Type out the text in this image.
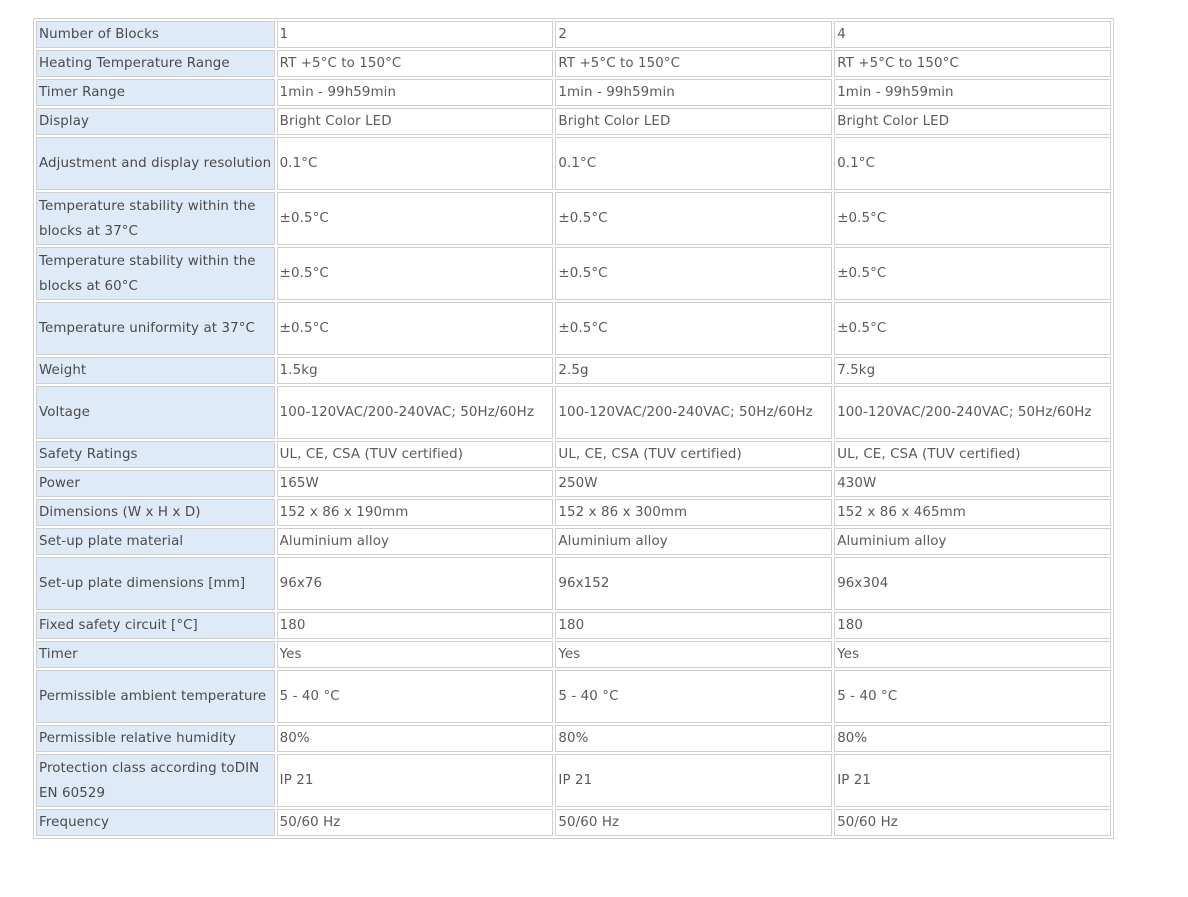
Number of Blocks	1	2	4
Heating Temperature Range	RT +5°C to 150°C	RT +5°C to 150°C	RT +5°C to 150°C
Timer Range	1min - 99h59min	1min - 99h59min	1min - 99h59min
Display	Bright Color LED	Bright Color LED	Bright Color LED
Adjustment and display resolution	0.1°C	0.1°C	0.1°C
Temperature stability within the blocks at 37°C	±0.5°C	±0.5°C	±0.5°C
Temperature stability within the blocks at 60°C	±0.5°C	±0.5°C	±0.5°C
Temperature uniformity at 37°C	±0.5°C	±0.5°C	±0.5°C
Weight	1.5kg	2.5g	7.5kg
Voltage	100-120VAC/200-240VAC; 50Hz/60Hz	100-120VAC/200-240VAC; 50Hz/60Hz	100-120VAC/200-240VAC; 50Hz/60Hz
Safety Ratings	UL, CE, CSA (TUV certified)	UL, CE, CSA (TUV certified)	UL, CE, CSA (TUV certified)
Power	165W	250W	430W
Dimensions (W x H x D)	152 x 86 x 190mm	152 x 86 x 300mm	152 x 86 x 465mm
Set-up plate material	Aluminium alloy	Aluminium alloy	Aluminium alloy
Set-up plate dimensions [mm]	96x76	96x152	96x304
Fixed safety circuit [°C]	180	180	180
Timer	Yes	Yes	Yes
Permissible ambient temperature	5 - 40 °C	5 - 40 °C	5 - 40 °C
Permissible relative humidity	80%	80%	80%
Protection class according toDIN EN 60529	IP 21	IP 21	IP 21
Frequency	50/60 Hz	50/60 Hz	50/60 Hz
